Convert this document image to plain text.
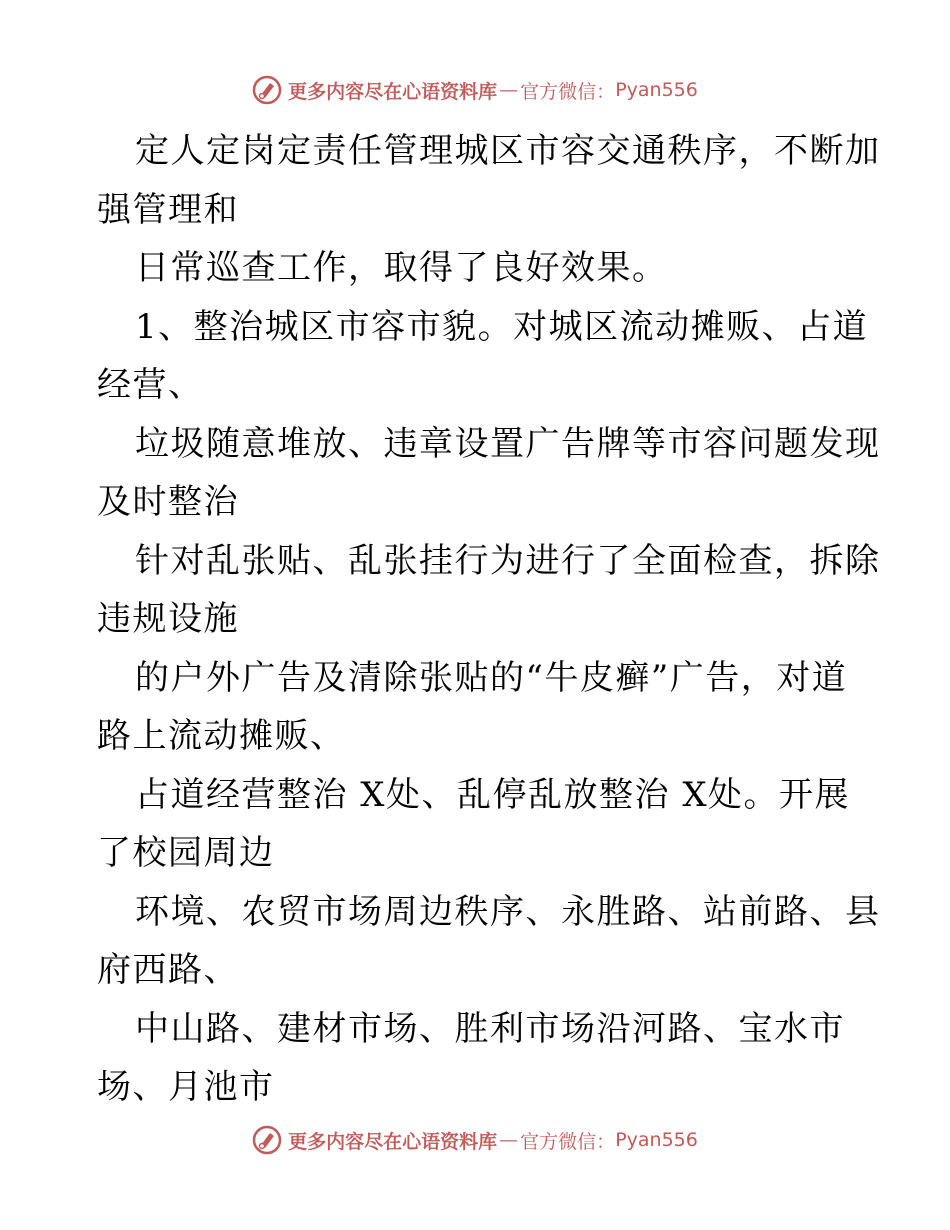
更多内容尽在心语资料库 — 官方微信： Pyan556
定人定岗定责任管理城区市容交通秩序，不断加
强管理和
日常巡查工作，取得了良好效果。
1、整治城区市容市貌。对城区流动摊贩、占道
经营、
垃圾随意堆放、违章设置广告牌等市容问题发现
及时整治
针对乱张贴、乱张挂行为进行了全面检查，拆除
违规设施
的户外广告及清除张贴的“牛皮癣”广告，对道
路上流动摊贩、
占道经营整治 X处、乱停乱放整治 X处。开展
了校园周边
环境、农贸市场周边秩序、永胜路、站前路、县
府西路、
中山路、建材市场、胜利市场沿河路、宝水市
场、月池市
更多内容尽在心语资料库 — 官方微信： Pyan556
